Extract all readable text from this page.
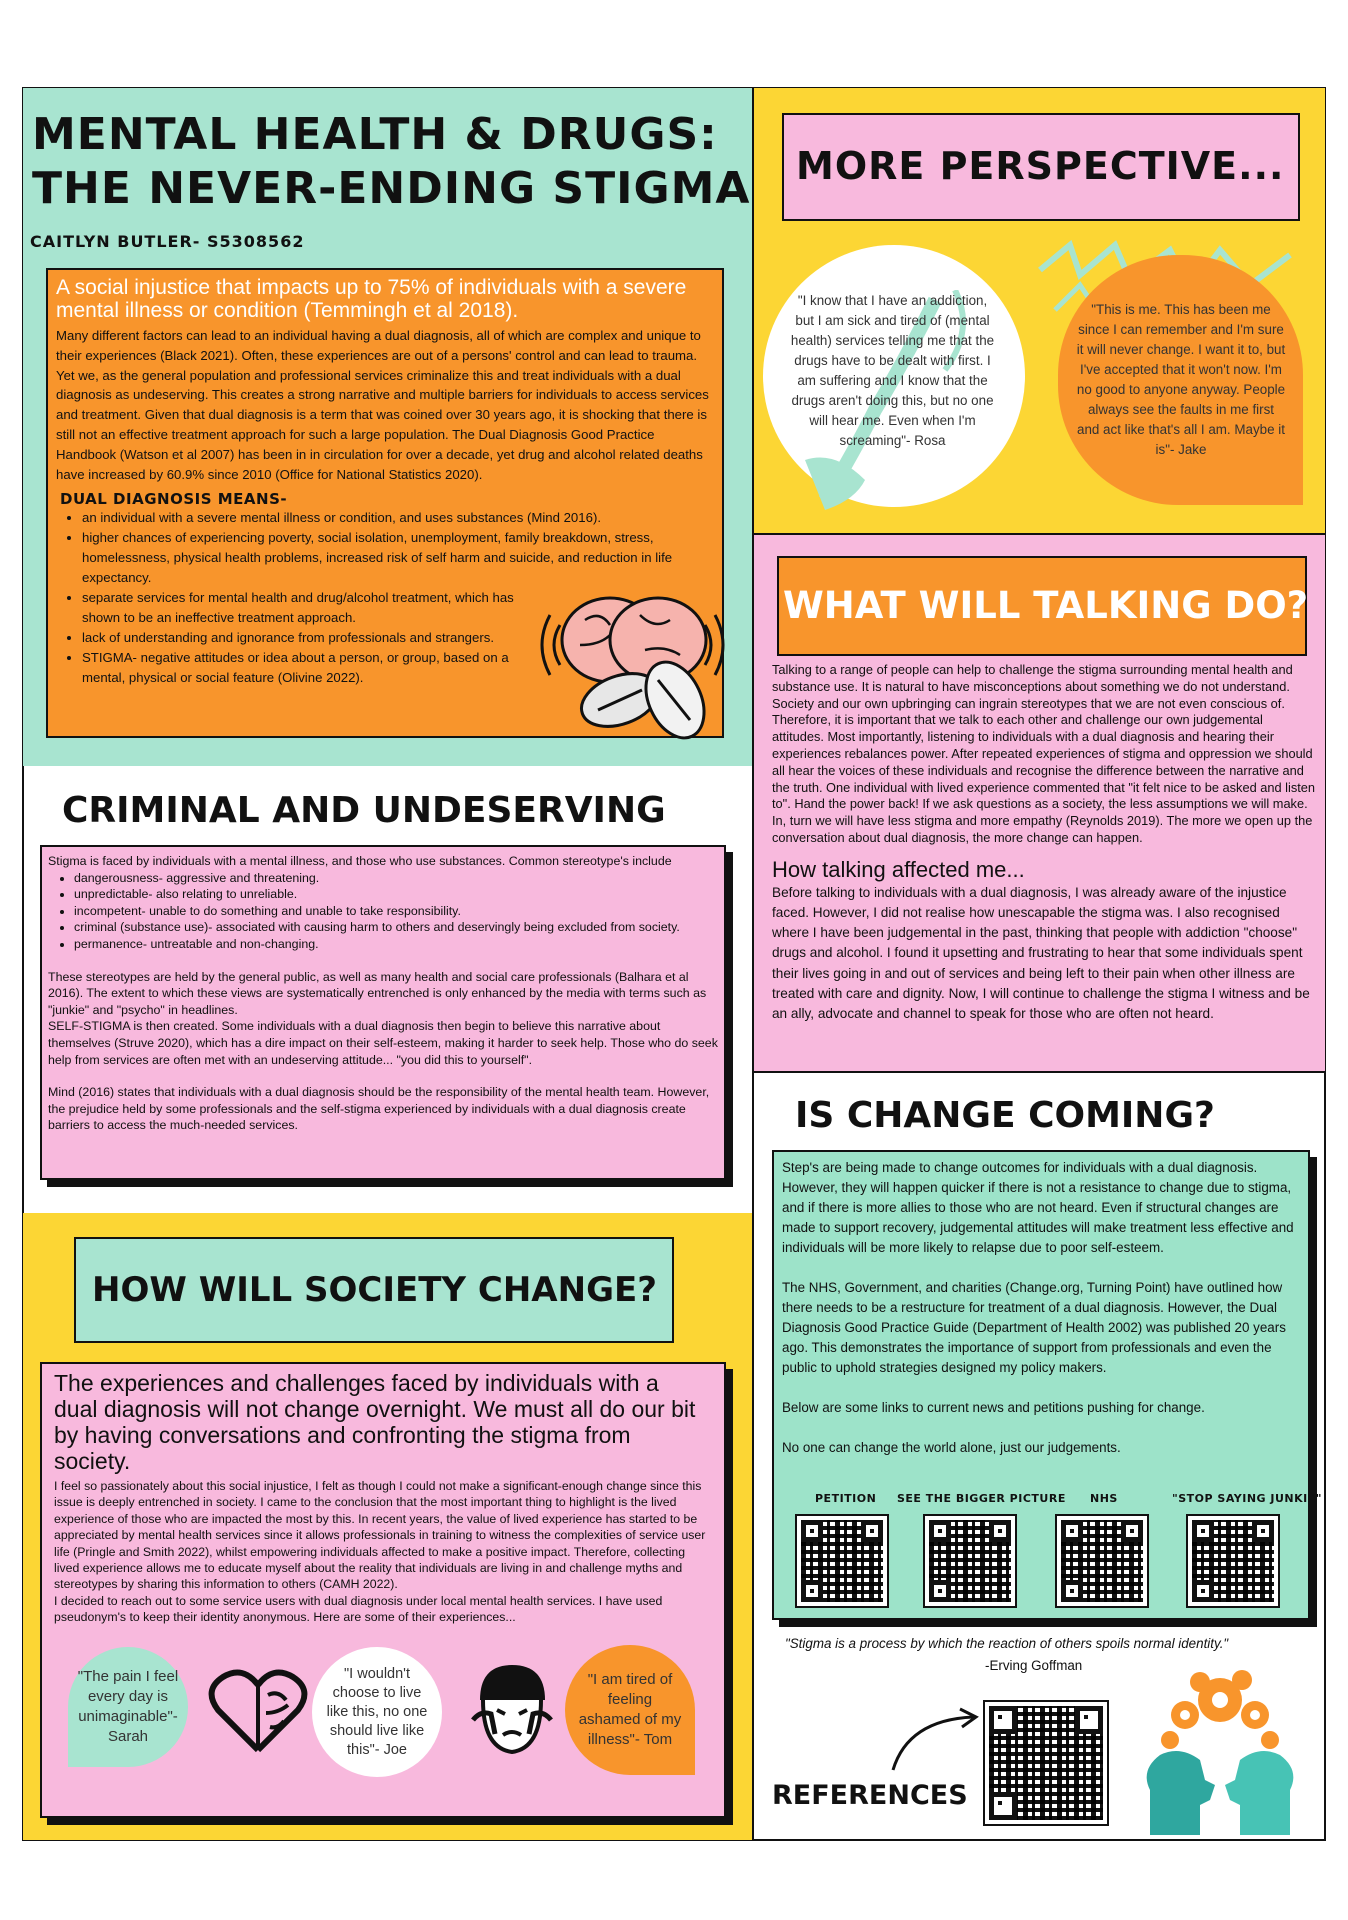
MENTAL HEALTH & DRUGS:
THE NEVER-ENDING STIGMA
CAITLYN BUTLER- S5308562

A social injustice that impacts up to 75% of individuals with a severe mental illness or condition (Temmingh et al 2018).

Many different factors can lead to an individual having a dual diagnosis, all of which are complex and unique to their experiences (Black 2021). Often, these experiences are out of a persons' control and can lead to trauma. Yet we, as the general population and professional services criminalize this and treat individuals with a dual diagnosis as undeserving. This creates a strong narrative and multiple barriers for individuals to access services and treatment. Given that dual diagnosis is a term that was coined over 30 years ago, it is shocking that there is still not an effective treatment approach for such a large population. The Dual Diagnosis Good Practice Handbook (Watson et al 2007) has been in in circulation for over a decade, yet drug and alcohol related deaths have increased by 60.9% since 2010 (Office for National Statistics 2020).

DUAL DIAGNOSIS MEANS-
• an individual with a severe mental illness or condition, and uses substances (Mind 2016).
• higher chances of experiencing poverty, social isolation, unemployment, family breakdown, stress, homelessness, physical health problems, increased risk of self harm and suicide, and reduction in life expectancy.
• separate services for mental health and drug/alcohol treatment, which has shown to be an ineffective treatment approach.
• lack of understanding and ignorance from professionals and strangers.
• STIGMA- negative attitudes or idea about a person, or group, based on a mental, physical or social feature (Olivine 2022).
CRIMINAL AND UNDESERVING

Stigma is faced by individuals with a mental illness, and those who use substances. Common stereotype's include

• dangerousness- aggressive and threatening.
• unpredictable- also relating to unreliable.
• incompetent- unable to do something and unable to take responsibility.
• criminal (substance use)- associated with causing harm to others and deservingly being excluded from society.
• permanence- untreatable and non-changing.

These stereotypes are held by the general public, as well as many health and social care professionals (Balhara et al 2016). The extent to which these views are systematically entrenched is only enhanced by the media with terms such as "junkie" and "psycho" in headlines.

SELF-STIGMA is then created. Some individuals with a dual diagnosis then begin to believe this narrative about themselves (Struve 2020), which has a dire impact on their self-esteem, making it harder to seek help. Those who do seek help from services are often met with an undeserving attitude... "you did this to yourself".

Mind (2016) states that individuals with a dual diagnosis should be the responsibility of the mental health team. However, the prejudice held by some professionals and the self-stigma experienced by individuals with a dual diagnosis create barriers to access the much-needed services.

HOW WILL SOCIETY CHANGE?

The experiences and challenges faced by individuals with a dual diagnosis will not change overnight. We must all do our bit by having conversations and confronting the stigma from society.

I feel so passionately about this social injustice, I felt as though I could not make a significant-enough change since this issue is deeply entrenched in society. I came to the conclusion that the most important thing to highlight is the lived experience of those who are impacted the most by this. In recent years, the value of lived experience has started to be appreciated by mental health services since it allows professionals in training to witness the complexities of service user life (Pringle and Smith 2022), whilst empowering individuals affected to make a positive impact. Therefore, collecting lived experience allows me to educate myself about the reality that individuals are living in and challenge myths and stereotypes by sharing this information to others (CAMH 2022).

I decided to reach out to some service users with dual diagnosis under local mental health services. I have used pseudonym's to keep their identity anonymous. Here are some of their experiences...

"The pain I feel every day is unimaginable"- Sarah
"I wouldn't choose to live like this, no one should live like this"- Joe
"I am tired of feeling ashamed of my illness"- Tom
MORE PERSPECTIVE...
"I know that I have an addiction, but I am sick and tired of (mental health) services telling me that the drugs have to be dealt with first. I am suffering and I know that the drugs aren't doing this, but no one will hear me. Even when I'm screaming"- Rosa
"This is me. This has been me since I can remember and I'm sure it will never change. I want it to, but I've accepted that it won't now. I'm no good to anyone anyway. People always see the faults in me first and act like that's all I am. Maybe it is"- Jake
WHAT WILL TALKING DO?

Talking to a range of people can help to challenge the stigma surrounding mental health and substance use. It is natural to have misconceptions about something we do not understand. Society and our own upbringing can ingrain stereotypes that we are not even conscious of. Therefore, it is important that we talk to each other and challenge our own judgemental attitudes. Most importantly, listening to individuals with a dual diagnosis and hearing their experiences rebalances power. After repeated experiences of stigma and oppression we should all hear the voices of these individuals and recognise the difference between the narrative and the truth. One individual with lived experience commented that "it felt nice to be asked and listen to". Hand the power back! If we ask questions as a society, the less assumptions we will make. In, turn we will have less stigma and more empathy (Reynolds 2019). The more we open up the conversation about dual diagnosis, the more change can happen.

How talking affected me...

Before talking to individuals with a dual diagnosis, I was already aware of the injustice faced. However, I did not realise how unescapable the stigma was. I also recognised where I have been judgemental in the past, thinking that people with addiction "choose" drugs and alcohol. I found it upsetting and frustrating to hear that some individuals spent their lives going in and out of services and being left to their pain when other illness are treated with care and dignity. Now, I will continue to challenge the stigma I witness and be an ally, advocate and channel to speak for those who are often not heard.

IS CHANGE COMING?

Step's are being made to change outcomes for individuals with a dual diagnosis. However, they will happen quicker if there is not a resistance to change due to stigma, and if there is more allies to those who are not heard. Even if structural changes are made to support recovery, judgemental attitudes will make treatment less effective and individuals will be more likely to relapse due to poor self-esteem.

The NHS, Government, and charities (Change.org, Turning Point) have outlined how there needs to be a restructure for treatment of a dual diagnosis. However, the Dual Diagnosis Good Practice Guide (Department of Health 2002) was published 20 years ago. This demonstrates the importance of support from professionals and even the public to uphold strategies designed my policy makers.

Below are some links to current news and petitions pushing for change.

No one can change the world alone, just our judgements.

PETITION SEE THE BIGGER PICTURE NHS	"STOP SAYING JUNKIE"
"Stigma is a process by which the reaction of others spoils normal identity."
-Erving Goffman
REFERENCES
